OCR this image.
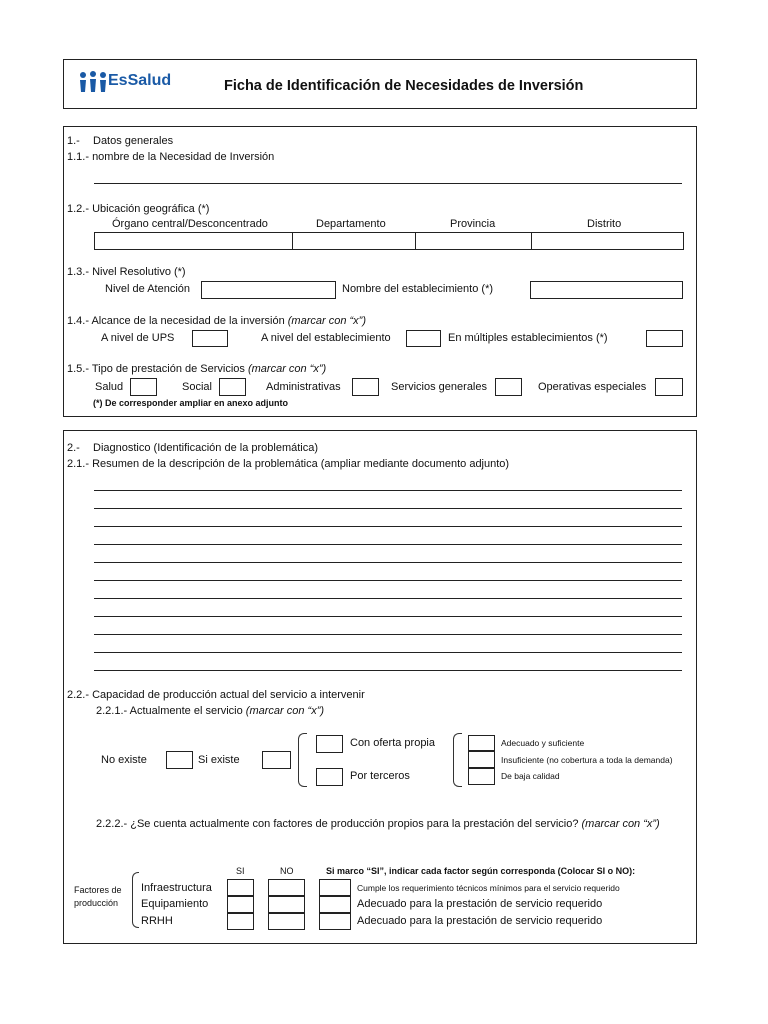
EsSalud	Ficha de Identificación de Necesidades de Inversión
1.- Datos generales
1.1.- nombre de la Necesidad de Inversión
1.2.- Ubicación geográfica (*)
Órgano central/Desconcentrado	Departamento	Provincia	Distrito
1.3.- Nivel Resolutivo (*)
Nivel de Atención	Nombre del establecimiento (*)
1.4.- Alcance de la necesidad de la inversión (marcar con “x”)
A nivel de UPS	A nivel del establecimiento	En múltiples establecimientos (*)
1.5.- Tipo de prestación de Servicios (marcar con “x”)
Salud	Social	Administrativas	Servicios generales	Operativas especiales
(*) De corresponder ampliar en anexo adjunto
2.- Diagnostico (Identificación de la problemática)
2.1.- Resumen de la descripción de la problemática (ampliar mediante documento adjunto)
2.2.- Capacidad de producción actual del servicio a intervenir
2.2.1.- Actualmente el servicio (marcar con “x”)
No existe	Si existe
Con oferta propia
Por terceros
Adecuado y suficiente
Insuficiente (no cobertura a toda la demanda)
De baja calidad
2.2.2.- ¿Se cuenta actualmente con factores de producción propios para la prestación del servicio? (marcar con “x”)
SI	NO	Si marco “SI”, indicar cada factor según corresponda (Colocar SI o NO):
Factores de
producción
Infraestructura	Cumple los requerimiento técnicos mínimos para el servicio requerido
Equipamiento	Adecuado para la prestación de servicio requerido
RRHH	Adecuado para la prestación de servicio requerido
